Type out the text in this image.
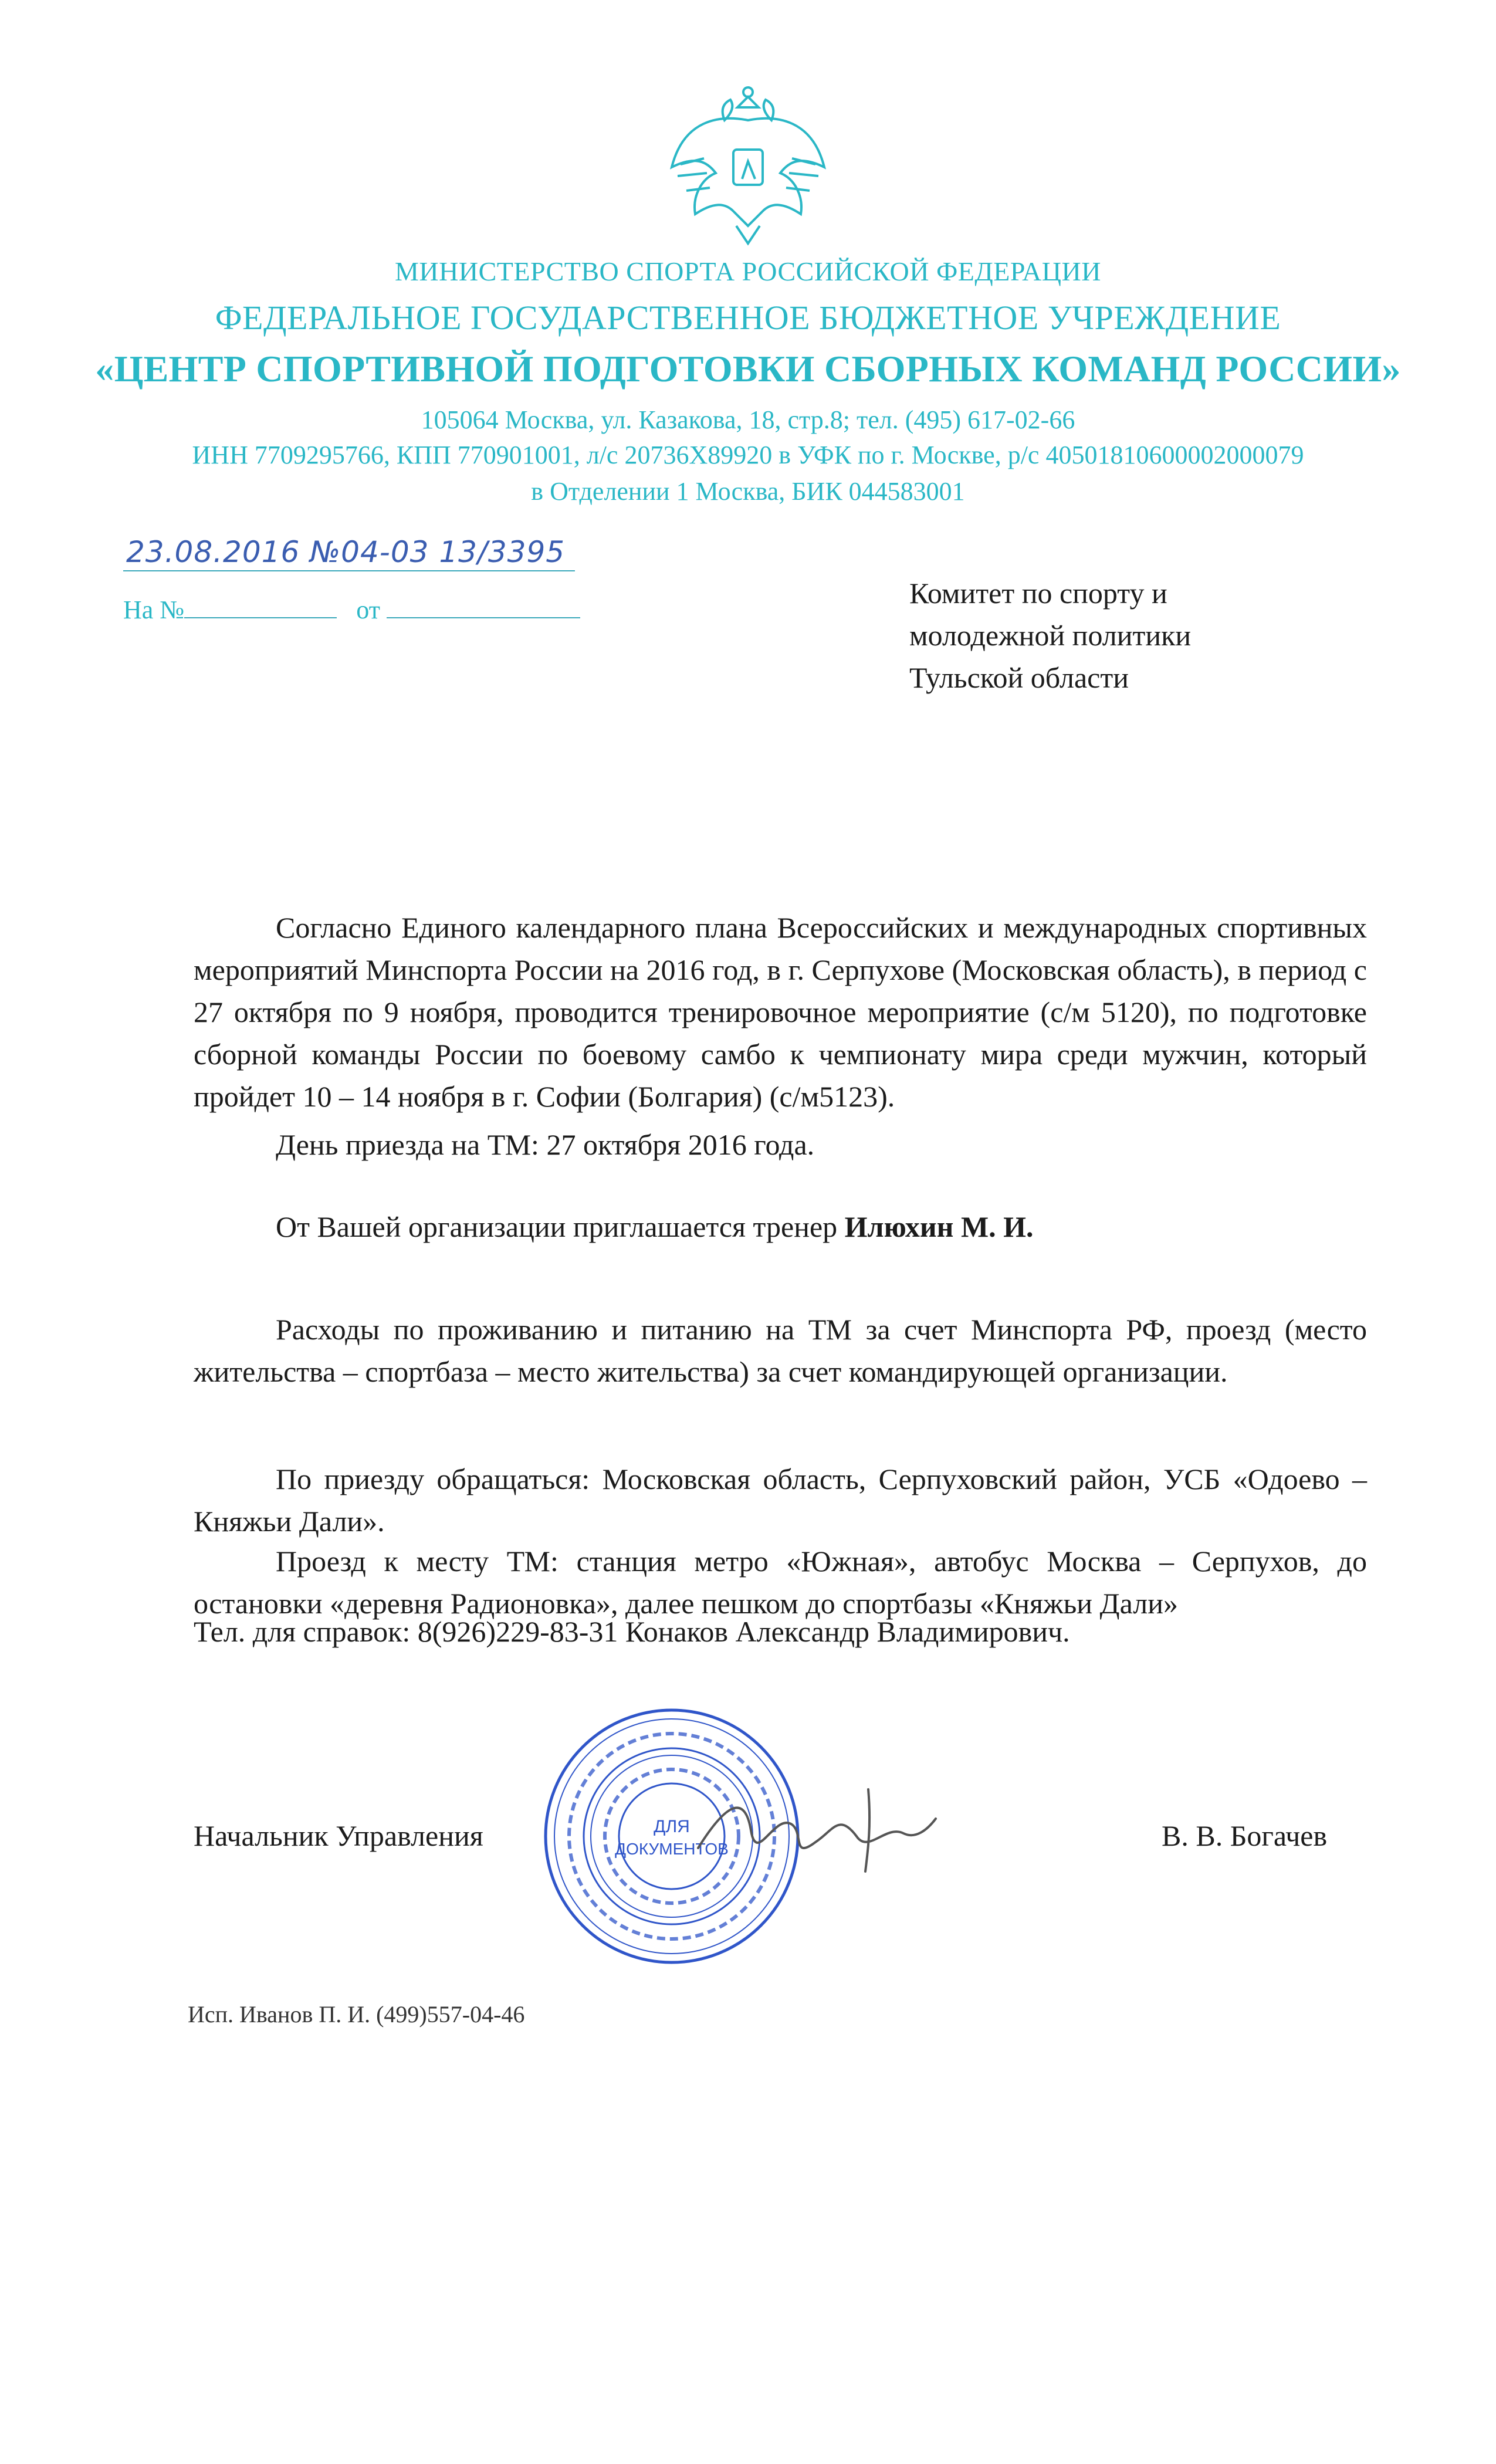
МИНИСТЕРСТВО СПОРТА РОССИЙСКОЙ ФЕДЕРАЦИИ
ФЕДЕРАЛЬНОЕ ГОСУДАРСТВЕННОЕ БЮДЖЕТНОЕ УЧРЕЖДЕНИЕ
«ЦЕНТР СПОРТИВНОЙ ПОДГОТОВКИ СБОРНЫХ КОМАНД РОССИИ»
105064 Москва, ул. Казакова, 18, стр.8; тел. (495) 617-02-66
ИНН 7709295766, КПП 770901001, л/с 20736Х89920 в УФК по г. Москве, р/с 40501810600002000079
в Отделении 1 Москва, БИК 044583001
23.08.2016 №04-03 13/3395
На №	от
Комитет по спорту и
молодежной политики
Тульской области
Согласно Единого календарного плана Всероссийских и международных спортивных мероприятий Минспорта России на 2016 год, в г. Серпухове (Московская область), в период с 27 октября по 9 ноября, проводится тренировочное мероприятие (с/м 5120), по подготовке сборной команды России по боевому самбо к чемпионату мира среди мужчин, который пройдет 10 – 14 ноября в г. Софии (Болгария) (с/м5123).
День приезда на ТМ: 27 октября 2016 года.
От Вашей организации приглашается тренер Илюхин М. И.
Расходы по проживанию и питанию на ТМ за счет Минспорта РФ, проезд (место жительства – спортбаза – место жительства) за счет командирующей организации.
По приезду обращаться: Московская область, Серпуховский район, УСБ «Одоево – Княжьи Дали».
Проезд к месту ТМ: станция метро «Южная», автобус Москва – Серпухов, до остановки «деревня Радионовка», далее пешком до спортбазы «Княжьи Дали»
Тел. для справок: 8(926)229-83-31 Конаков Александр Владимирович.
ДЛЯ
ДОКУМЕНТОВ
Начальник Управления	В. В. Богачев
Исп. Иванов П. И. (499)557-04-46
